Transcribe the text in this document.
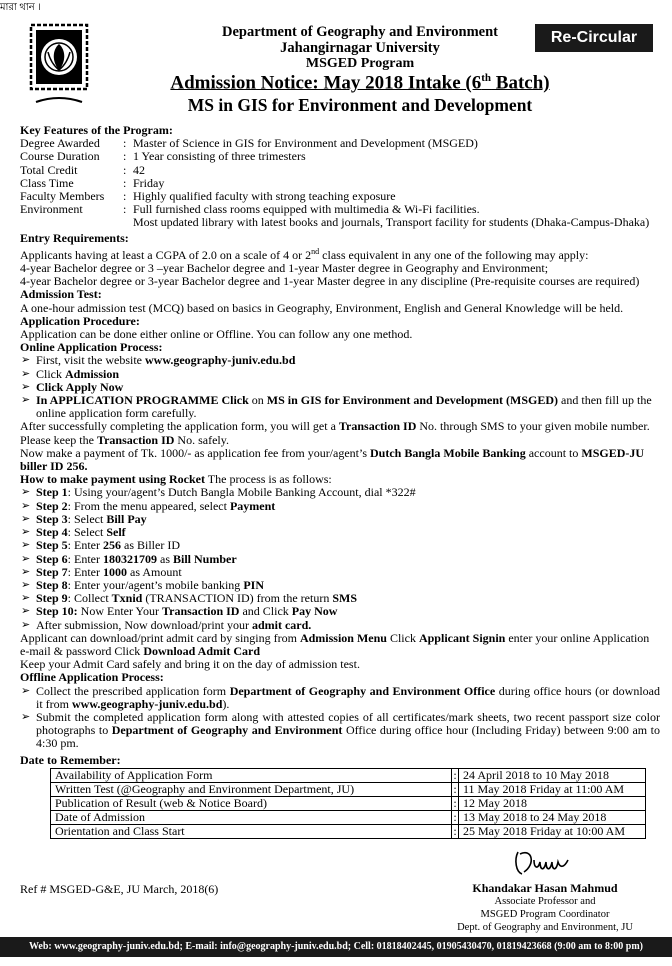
মারা থান ।
Department of Geography and Environment
Jahangirnagar University
MSGED Program
Admission Notice: May 2018 Intake (6th Batch)
MS in GIS for Environment and Development
Re-Circular
Key Features of the Program:
Degree Awarded	: Master of Science in GIS for Environment and Development (MSGED)
Course Duration	: 1 Year consisting of three trimesters
Total Credit	: 42
Class Time	: Friday
Faculty Members	: Highly qualified faculty with strong teaching exposure
Environment	: Full furnished class rooms equipped with multimedia & Wi-Fi facilities.
Most updated library with latest books and journals, Transport facility for students (Dhaka-Campus-Dhaka)
Entry Requirements:
Applicants having at least a CGPA of 2.0 on a scale of 4 or 2nd class equivalent in any one of the following may apply:
4-year Bachelor degree or 3 –year Bachelor degree and 1-year Master degree in Geography and Environment;
4-year Bachelor degree or 3-year Bachelor degree and 1-year Master degree in any discipline (Pre-requisite courses are required)
Admission Test:
A one-hour admission test (MCQ) based on basics in Geography, Environment, English and General Knowledge will be held.
Application Procedure:
Application can be done either online or Offline. You can follow any one method.
Online Application Process:
➢ First, visit the website www.geography-juniv.edu.bd
➢ Click Admission
➢ Click Apply Now
➢ In APPLICATION PROGRAMME Click on MS in GIS for Environment and Development (MSGED) and then fill up the online application form carefully.
After successfully completing the application form, you will get a Transaction ID No. through SMS to your given mobile number. Please keep the Transaction ID No. safely.
Now make a payment of Tk. 1000/- as application fee from your/agent’s Dutch Bangla Mobile Banking account to MSGED-JU biller ID 256.
How to make payment using Rocket The process is as follows:
➢ Step 1: Using your/agent’s Dutch Bangla Mobile Banking Account, dial *322#
➢ Step 2: From the menu appeared, select Payment
➢ Step 3: Select Bill Pay
➢ Step 4: Select Self
➢ Step 5: Enter 256 as Biller ID
➢ Step 6: Enter 180321709 as Bill Number
➢ Step 7: Enter 1000 as Amount
➢ Step 8: Enter your/agent’s mobile banking PIN
➢ Step 9: Collect Txnid (TRANSACTION ID) from the return SMS
➢ Step 10: Now Enter Your Transaction ID and Click Pay Now
➢ After submission, Now download/print your admit card.
Applicant can download/print admit card by singing from Admission Menu Click Applicant Signin enter your online Application e-mail & password Click Download Admit Card
Keep your Admit Card safely and bring it on the day of admission test.
Offline Application Process:
➢ Collect the prescribed application form Department of Geography and Environment Office during office hours (or download it from www.geography-juniv.edu.bd).
➢ Submit the completed application form along with attested copies of all certificates/mark sheets, two recent passport size color photographs to Department of Geography and Environment Office during office hour (Including Friday) between 9:00 am to 4:30 pm.
Date to Remember:
Availability of Application Form	:	24 April 2018 to 10 May 2018
Written Test (@Geography and Environment Department, JU)	:	11 May 2018 Friday at 11:00 AM
Publication of Result (web & Notice Board)	:	12 May 2018
Date of Admission	:	13 May 2018 to 24 May 2018
Orientation and Class Start	:	25 May 2018 Friday at 10:00 AM
Ref # MSGED-G&E, JU March, 2018(6)	Khandakar Hasan Mahmud
Associate Professor and
MSGED Program Coordinator
Dept. of Geography and Environment, JU
Web: www.geography-juniv.edu.bd; E-mail: info@geography-juniv.edu.bd; Cell: 01818402445, 01905430470, 01819423668 (9:00 am to 8:00 pm)
